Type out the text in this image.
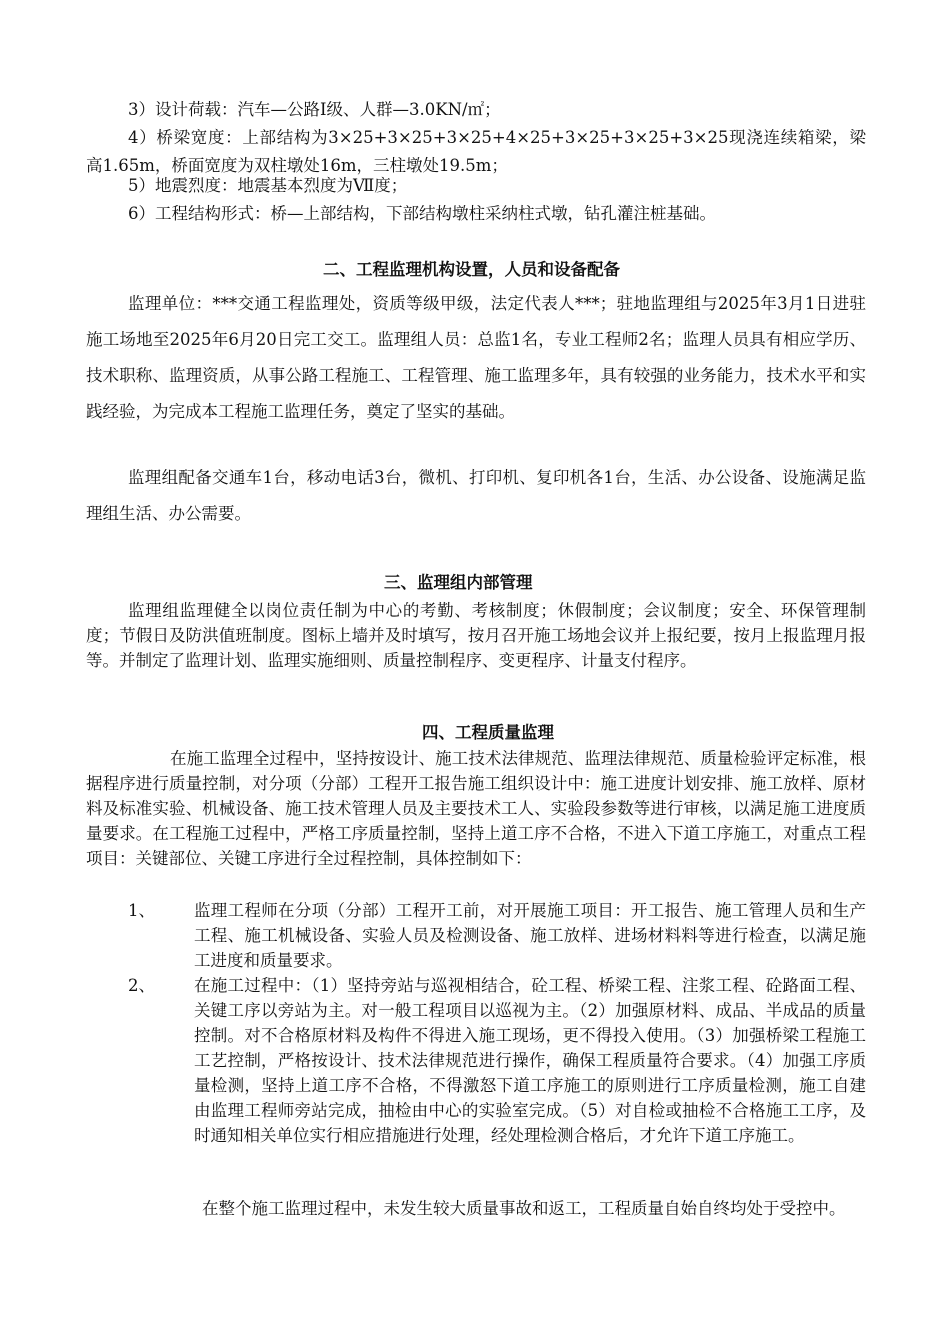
3）设计荷载：汽车—公路Ⅰ级、人群—3.0KN/㎡；

4）桥梁宽度：上部结构为3×25+3×25+3×25+4×25+3×25+3×25+3×25现浇连续箱梁，梁高1.65m，桥面宽度为双柱墩处16m，三柱墩处19.5m；

5）地震烈度：地震基本烈度为Ⅶ度；

6）工程结构形式：桥—上部结构，下部结构墩柱采纳柱式墩，钻孔灌注桩基础。

二、工程监理机构设置，人员和设备配备

监理单位：***交通工程监理处，资质等级甲级，法定代表人***；驻地监理组与2025年3月1日进驻施工场地至2025年6月20日完工交工。监理组人员：总监1名，专业工程师2名；监理人员具有相应学历、技术职称、监理资质，从事公路工程施工、工程管理、施工监理多年，具有较强的业务能力，技术水平和实践经验，为完成本工程施工监理任务，奠定了坚实的基础。

监理组配备交通车1台，移动电话3台，微机、打印机、复印机各1台，生活、办公设备、设施满足监理组生活、办公需要。

三、监理组内部管理

监理组监理健全以岗位责任制为中心的考勤、考核制度；休假制度；会议制度；安全、环保管理制度；节假日及防洪值班制度。图标上墙并及时填写，按月召开施工场地会议并上报纪要，按月上报监理月报等。并制定了监理计划、监理实施细则、质量控制程序、变更程序、计量支付程序。

四、工程质量监理

在施工监理全过程中，坚持按设计、施工技术法律规范、监理法律规范、质量检验评定标准，根据程序进行质量控制，对分项（分部）工程开工报告施工组织设计中：施工进度计划安排、施工放样、原材料及标准实验、机械设备、施工技术管理人员及主要技术工人、实验段参数等进行审核，以满足施工进度质量要求。在工程施工过程中，严格工序质量控制，坚持上道工序不合格，不进入下道工序施工，对重点工程项目：关键部位、关键工序进行全过程控制，具体控制如下：

1、 监理工程师在分项（分部）工程开工前，对开展施工项目：开工报告、施工管理人员和生产 工程、施工机械设备、实验人员及检测设备、施工放样、进场材料料等进行检查，以满足施工进度和质量要求。

2、 在施工过程中：（1）坚持旁站与巡视相结合，砼工程、桥梁工程、注浆工程、砼路面工程、关键工序以旁站为主。对一般工程项目以巡视为主。（2）加强原材料、成品、半成品的质量控制。对不合格原材料及构件不得进入施工现场，更不得投入使用。（3）加强桥梁工程施工工艺控制，严格按设计、技术法律规范进行操作，确保工程质量符合要求。（4）加强工序质量检测，坚持上道工序不合格，不得激怒下道工序施工的原则进行工序质量检测，施工自建由监理工程师旁站完成，抽检由中心的实验室完成。（5）对自检或抽检不合格施工工序，及时通知相关单位实行相应措施进行处理，经处理检测合格后，才允许下道工序施工。

在整个施工监理过程中，未发生较大质量事故和返工，工程质量自始自终均处于受控中。
